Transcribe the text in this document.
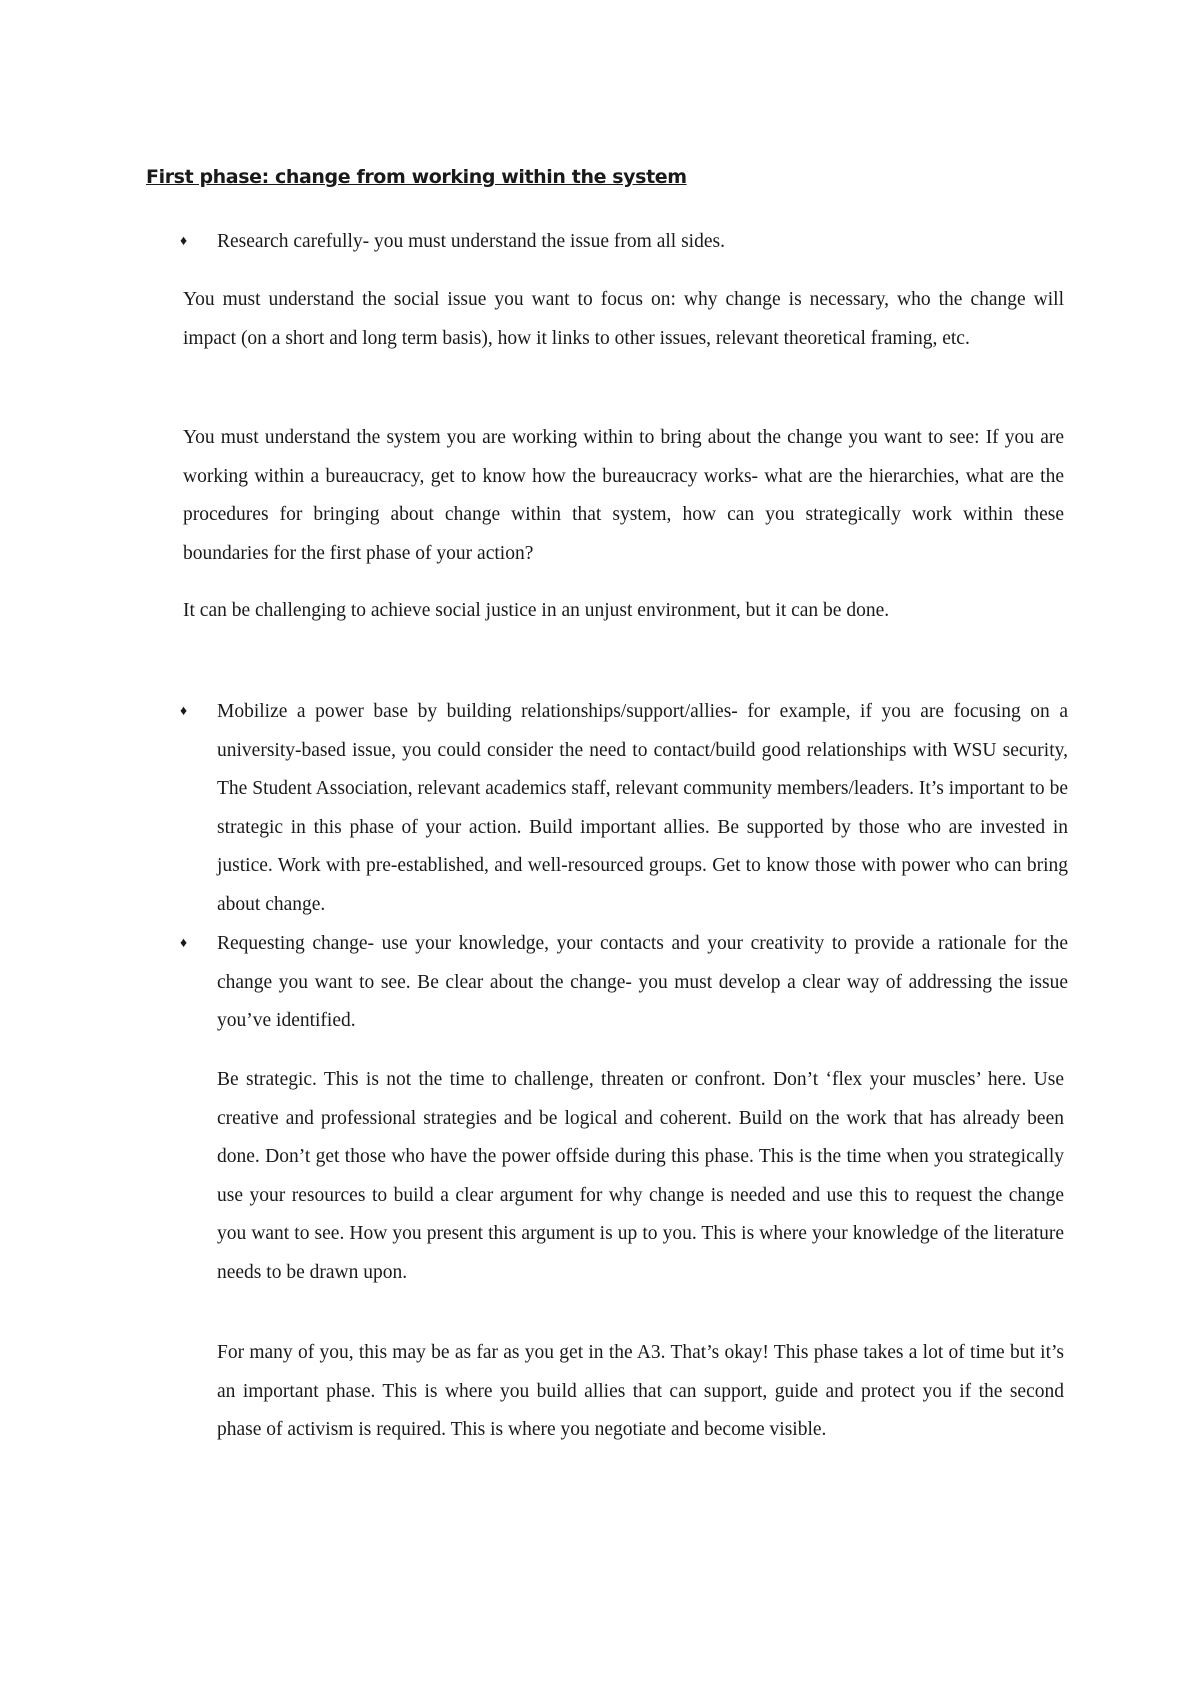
First phase: change from working within the system
♦ Research carefully- you must understand the issue from all sides.

You must understand the social issue you want to focus on: why change is necessary, who the change will impact (on a short and long term basis), how it links to other issues, relevant theoretical framing, etc.

You must understand the system you are working within to bring about the change you want to see: If you are working within a bureaucracy, get to know how the bureaucracy works- what are the hierarchies, what are the procedures for bringing about change within that system, how can you strategically work within these boundaries for the first phase of your action?

It can be challenging to achieve social justice in an unjust environment, but it can be done.

♦ Mobilize a power base by building relationships/support/allies- for example, if you are focusing on a university-based issue, you could consider the need to contact/build good relationships with WSU security, The Student Association, relevant academics staff, relevant community members/leaders. It’s important to be strategic in this phase of your action. Build important allies. Be supported by those who are invested in justice. Work with pre-established, and well-resourced groups. Get to know those with power who can bring about change.

♦ Requesting change- use your knowledge, your contacts and your creativity to provide a rationale for the change you want to see. Be clear about the change- you must develop a clear way of addressing the issue you’ve identified.

Be strategic. This is not the time to challenge, threaten or confront. Don’t ‘flex your muscles’ here. Use creative and professional strategies and be logical and coherent. Build on the work that has already been done. Don’t get those who have the power offside during this phase. This is the time when you strategically use your resources to build a clear argument for why change is needed and use this to request the change you want to see. How you present this argument is up to you. This is where your knowledge of the literature needs to be drawn upon.

For many of you, this may be as far as you get in the A3. That’s okay! This phase takes a lot of time but it’s an important phase. This is where you build allies that can support, guide and protect you if the second phase of activism is required. This is where you negotiate and become visible.
